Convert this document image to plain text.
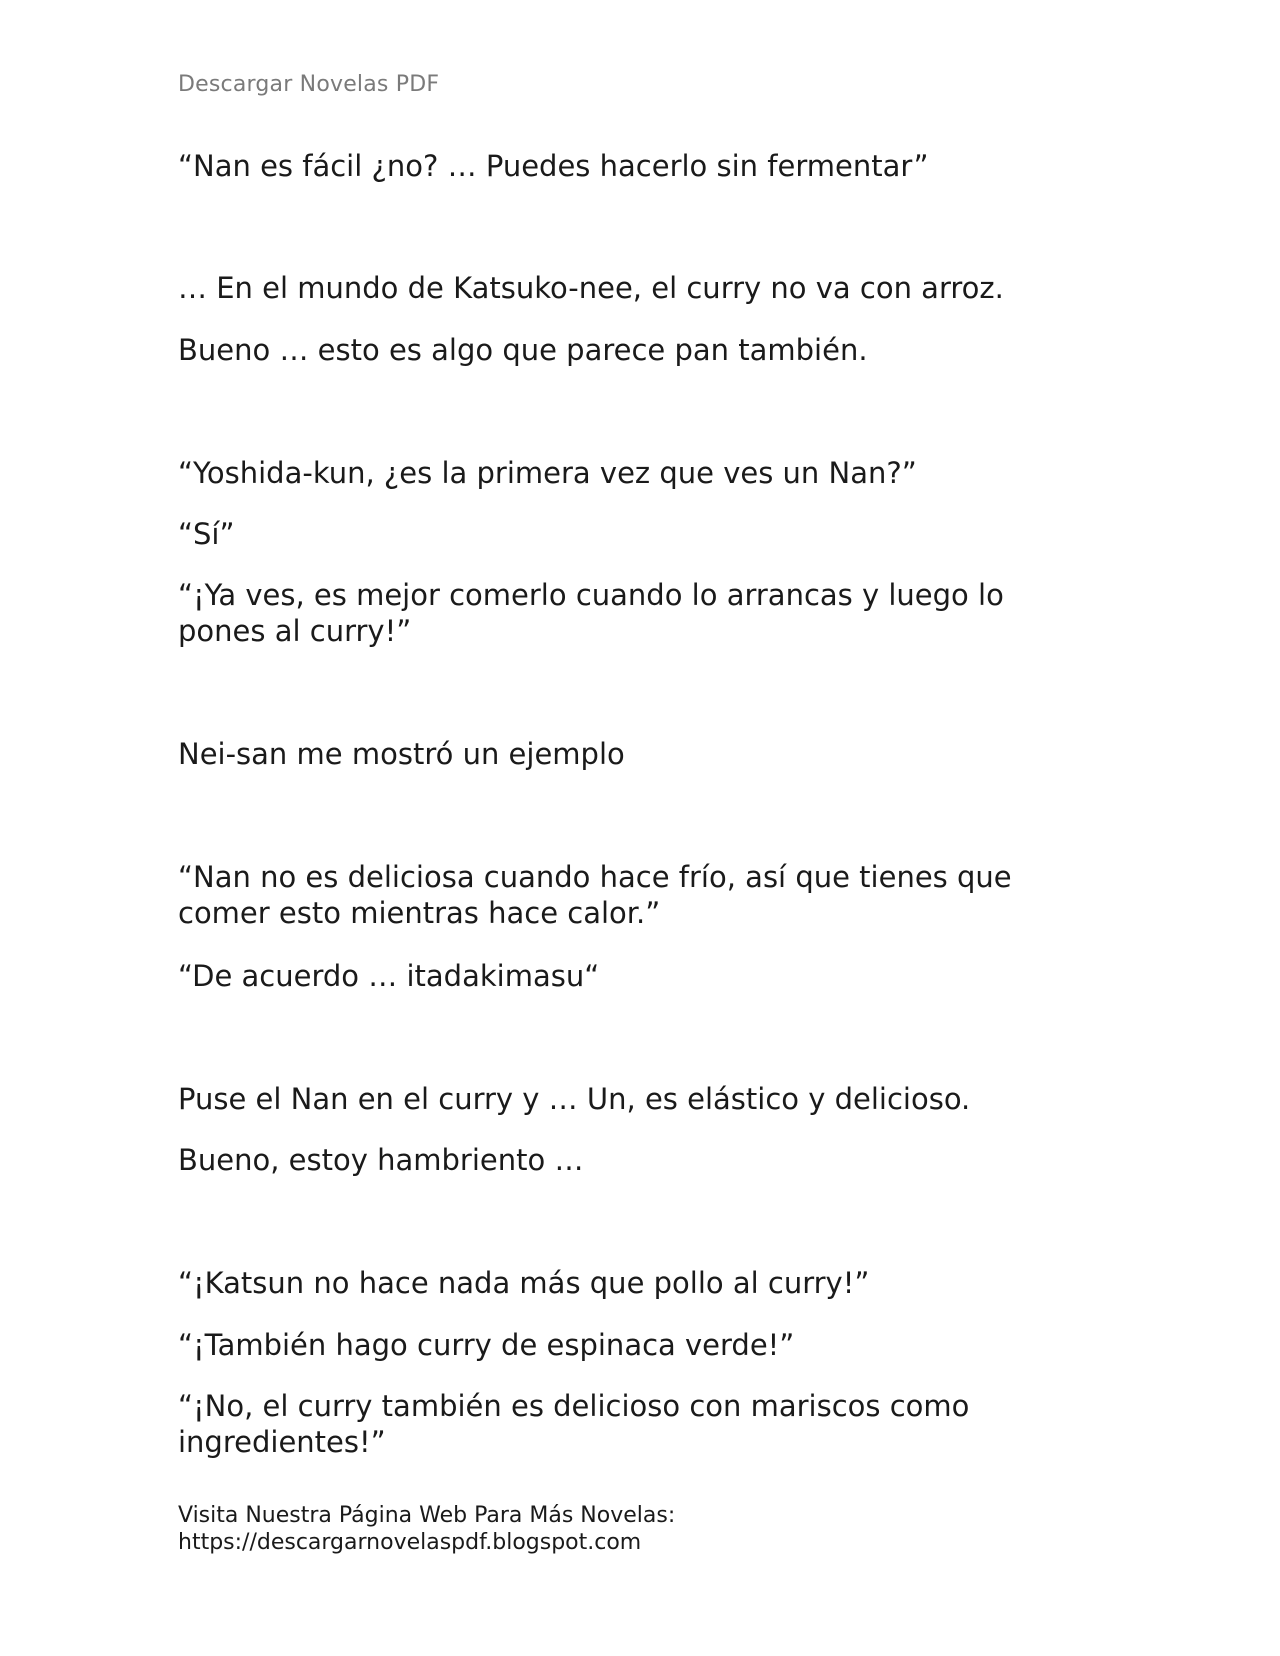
Descargar Novelas PDF

“Nan es fácil ¿no? … Puedes hacerlo sin fermentar”

… En el mundo de Katsuko-nee, el curry no va con arroz.

Bueno … esto es algo que parece pan también.

“Yoshida-kun, ¿es la primera vez que ves un Nan?”

“Sí”

“¡Ya ves, es mejor comerlo cuando lo arrancas y luego lo pones al curry!”

Nei-san me mostró un ejemplo

“Nan no es deliciosa cuando hace frío, así que tienes que comer esto mientras hace calor.”

“De acuerdo … itadakimasu“

Puse el Nan en el curry y … Un, es elástico y delicioso.

Bueno, estoy hambriento …

“¡Katsun no hace nada más que pollo al curry!”

“¡También hago curry de espinaca verde!”

“¡No, el curry también es delicioso con mariscos como ingredientes!”

Visita Nuestra Página Web Para Más Novelas:
https://descargarnovelaspdf.blogspot.com
